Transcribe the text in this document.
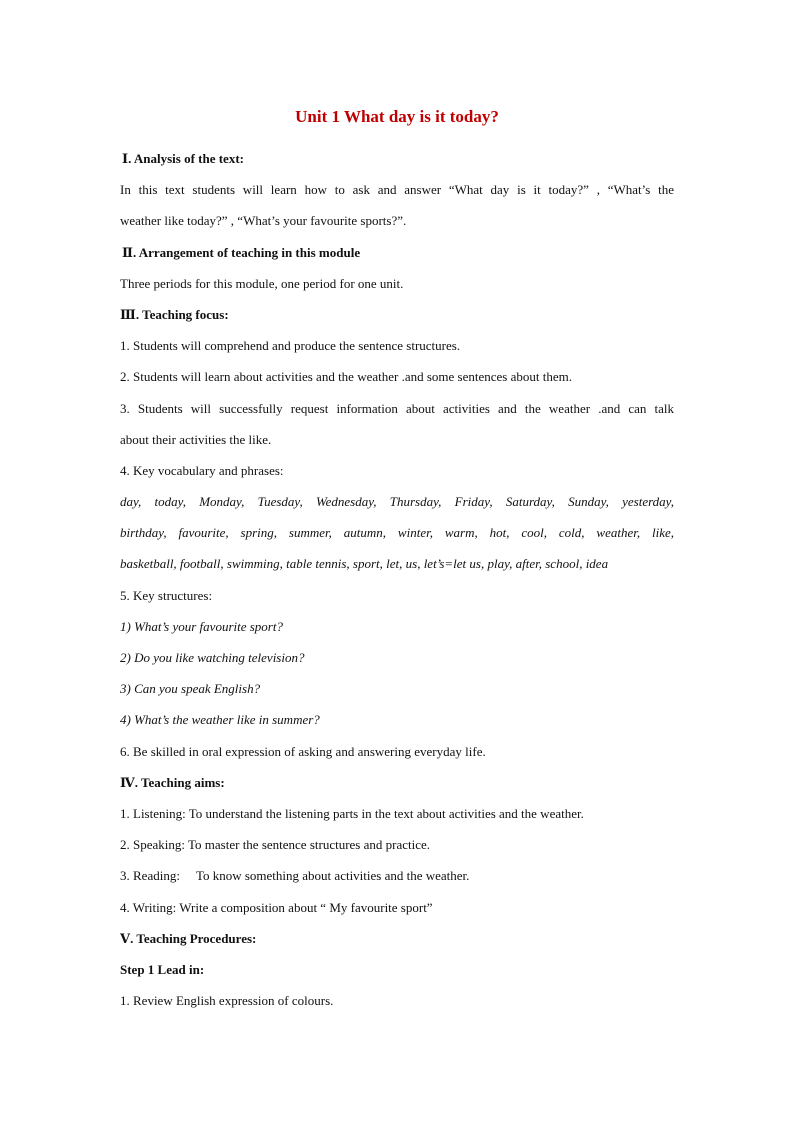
Unit 1 What day is it today?
Ⅰ. Analysis of the text:
In this text students will learn how to ask and answer “What day is it today?” , “What’s the
weather like today?” , “What’s your favourite sports?”.
Ⅱ. Arrangement of teaching in this module
Three periods for this module, one period for one unit.
Ⅲ. Teaching focus:
1. Students will comprehend and produce the sentence structures.
2. Students will learn about activities and the weather .and some sentences about them.
3. Students will successfully request information about activities and the weather .and can talk
about their activities the like.
4. Key vocabulary and phrases:
day, today, Monday, Tuesday, Wednesday, Thursday, Friday, Saturday, Sunday, yesterday,
birthday, favourite, spring, summer, autumn, winter, warm, hot, cool, cold, weather, like,
basketball, football, swimming, table tennis, sport, let, us, let’s=let us, play, after, school, idea
5. Key structures:
1) What’s your favourite sport?
2) Do you like watching television?
3) Can you speak English?
4) What’s the weather like in summer?
6. Be skilled in oral expression of asking and answering everyday life.
Ⅳ. Teaching aims:
1. Listening: To understand the listening parts in the text about activities and the weather.
2. Speaking: To master the sentence structures and practice.
3. Reading:     To know something about activities and the weather.
4. Writing: Write a composition about “ My favourite sport”
Ⅴ. Teaching Procedures:
Step 1 Lead in:
1. Review English expression of colours.
